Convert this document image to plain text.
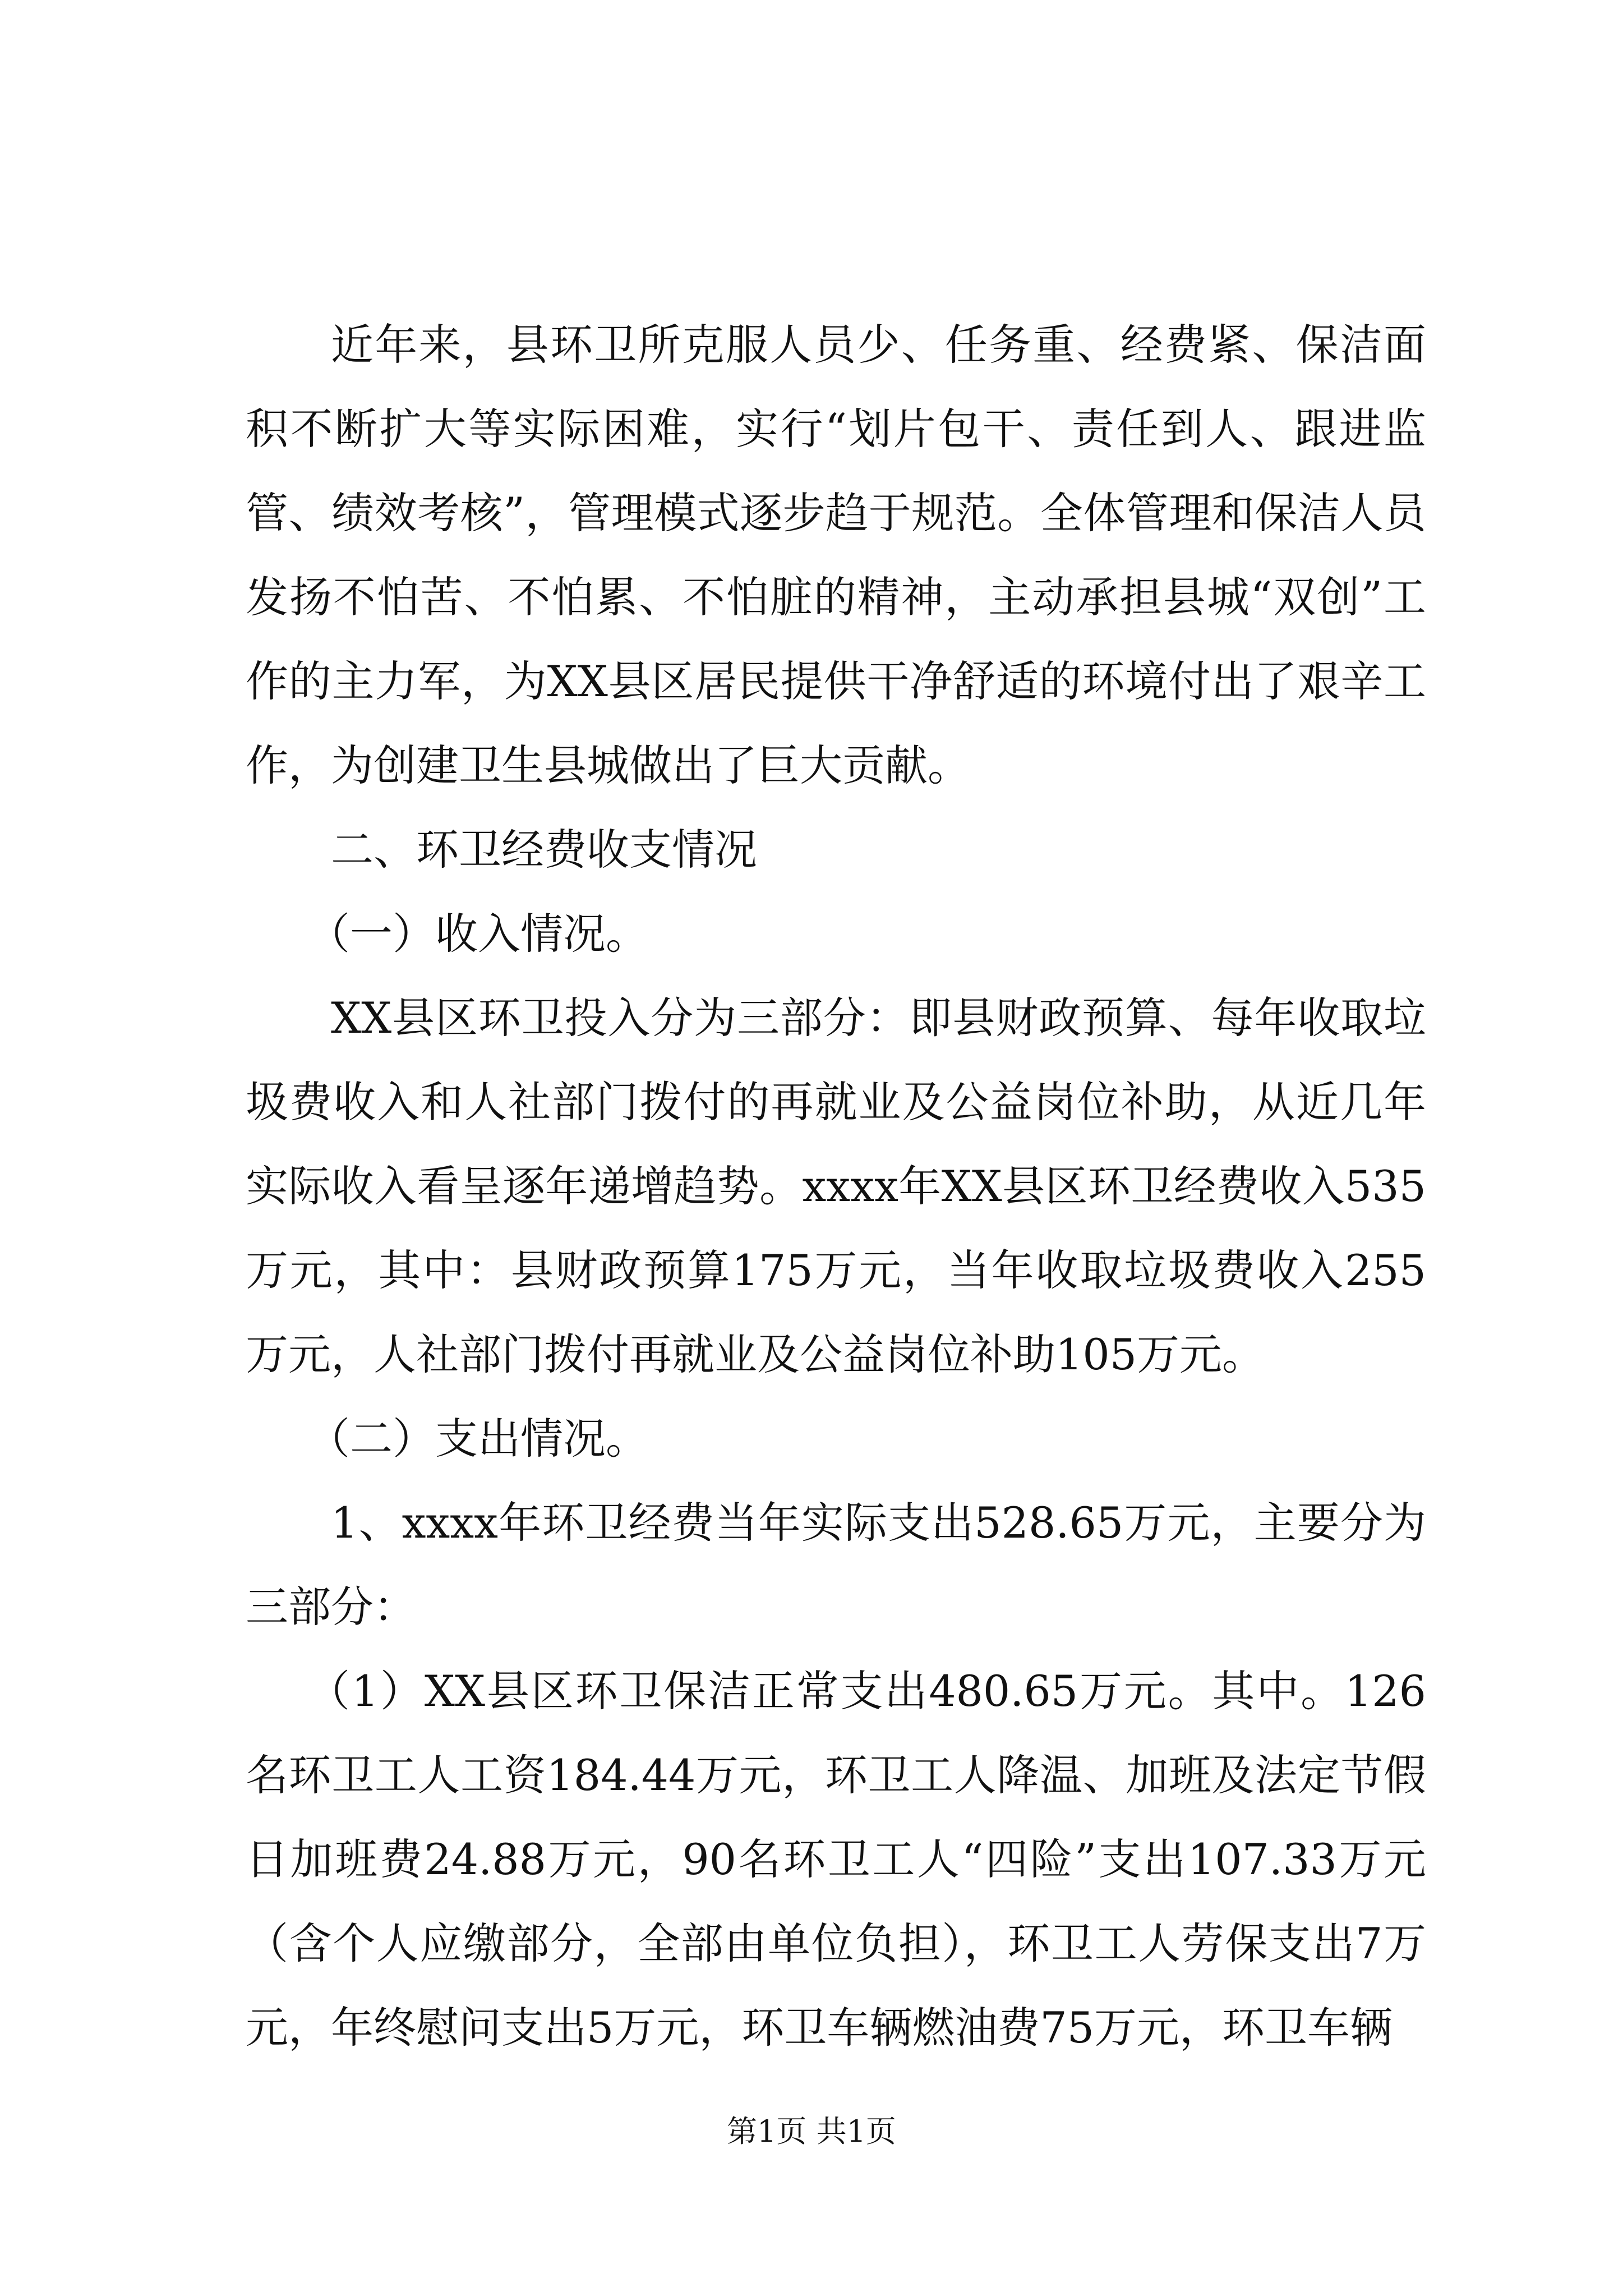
近年来，县环卫所克服人员少、任务重、经费紧、保洁面积不断扩大等实际困难，实行“划片包干、责任到人、跟进监管、绩效考核”，管理模式逐步趋于规范。全体管理和保洁人员发扬不怕苦、不怕累、不怕脏的精神，主动承担县城“双创”工作的主力军，为XX县区居民提供干净舒适的环境付出了艰辛工作，为创建卫生县城做出了巨大贡献。

二、环卫经费收支情况

（一）收入情况。

XX县区环卫投入分为三部分：即县财政预算、每年收取垃圾费收入和人社部门拨付的再就业及公益岗位补助，从近几年实际收入看呈逐年递增趋势。xxxx年XX县区环卫经费收入535万元，其中：县财政预算175万元，当年收取垃圾费收入255万元，人社部门拨付再就业及公益岗位补助105万元。

（二）支出情况。

1、xxxx年环卫经费当年实际支出528.65万元，主要分为三部分：

（1）XX县区环卫保洁正常支出480.65万元。其中。126名环卫工人工资184.44万元，环卫工人降温、加班及法定节假日加班费24.88万元，90名环卫工人“四险”支出107.33万元（含个人应缴部分，全部由单位负担），环卫工人劳保支出7万元，年终慰问支出5万元，环卫车辆燃油费75万元，环卫车辆

第1页 共1页
